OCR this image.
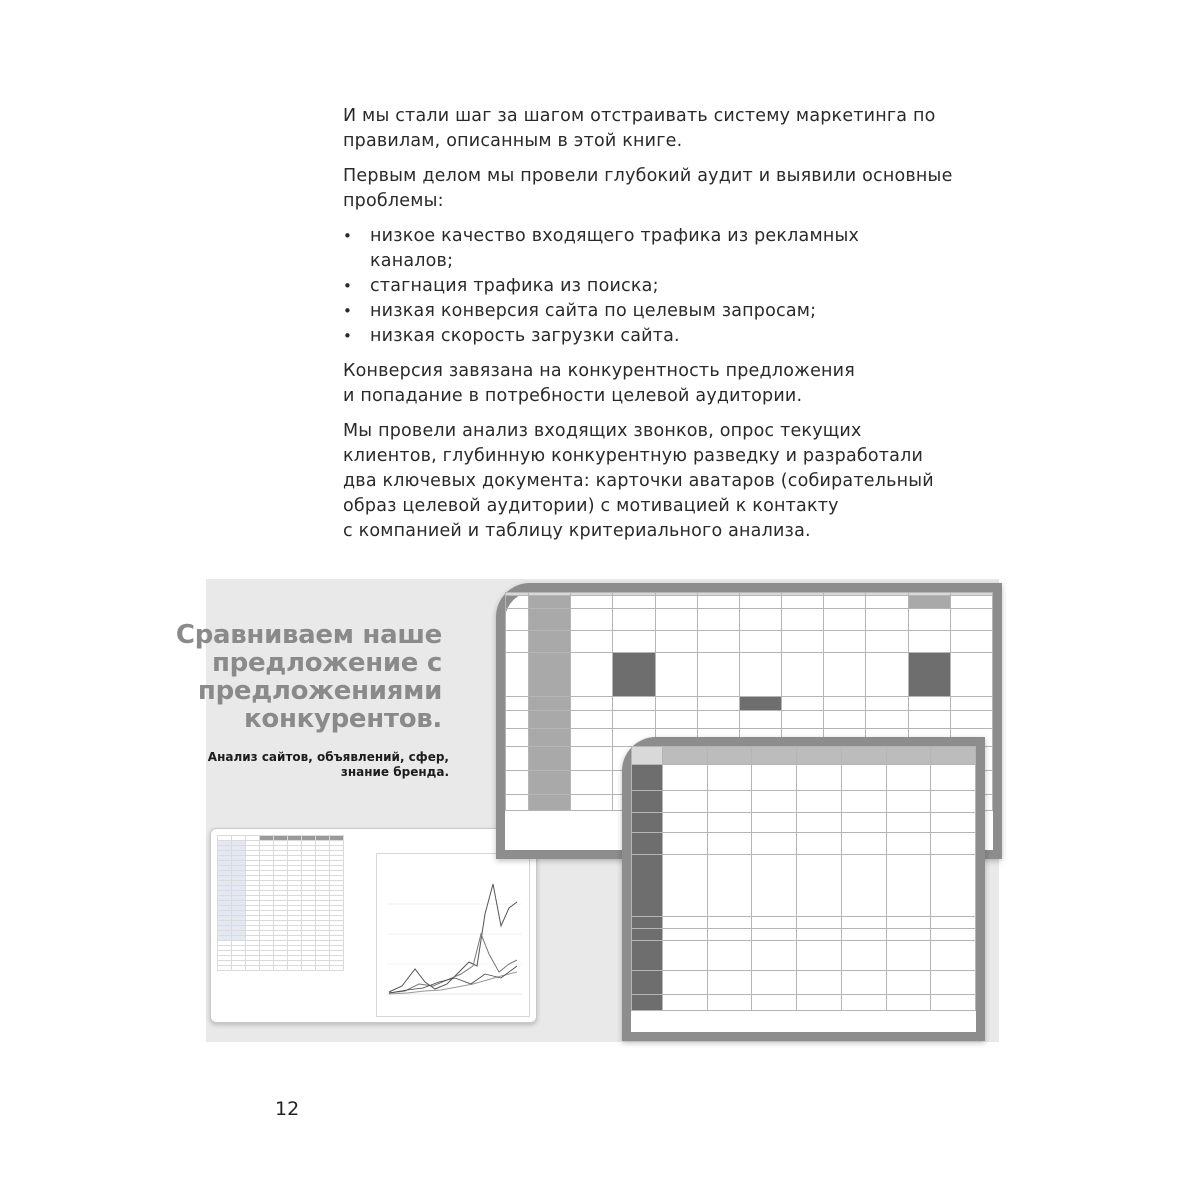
И мы стали шаг за шагом отстраивать систему маркетинга по
правилам, описанным в этой книге.

Первым делом мы провели глубокий аудит и выявили основные
проблемы:

• низкое качество входящего трафика из рекламных
каналов;
• стагнация трафика из поиска;
• низкая конверсия сайта по целевым запросам;
• низкая скорость загрузки сайта.

Конверсия завязана на конкурентность предложения
и попадание в потребности целевой аудитории.

Мы провели анализ входящих звонков, опрос текущих
клиентов, глубинную конкурентную разведку и разработали
два ключевых документа: карточки аватаров (собирательный
образ целевой аудитории) с мотивацией к контакту
с компанией и таблицу критериального анализа.

Сравниваем наше
предложение с
предложениями
конкурентов.
Анализ сайтов, объявлений, сфер,
знание бренда.

12
